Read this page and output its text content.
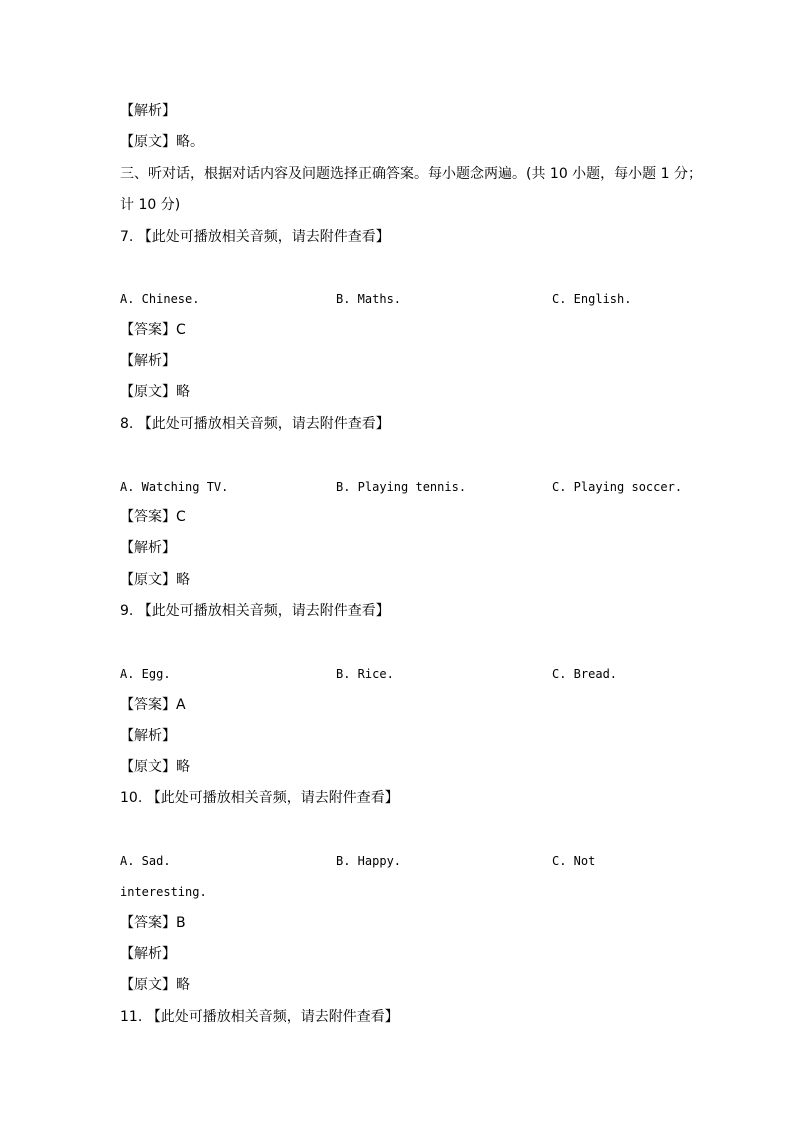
【解析】
【原文】略。
三、听对话，根据对话内容及问题选择正确答案。每小题念两遍。(共 10 小题，每小题 1 分；
计 10 分)
7. 【此处可播放相关音频，请去附件查看】
A. Chinese.	B. Maths.	C. English.
【答案】C
【解析】
【原文】略
8. 【此处可播放相关音频，请去附件查看】
A. Watching TV.	B. Playing tennis.	C. Playing soccer.
【答案】C
【解析】
【原文】略
9. 【此处可播放相关音频，请去附件查看】
A. Egg.	B. Rice.	C. Bread.
【答案】A
【解析】
【原文】略
10. 【此处可播放相关音频，请去附件查看】
A. Sad.	B. Happy.	C. Not
interesting.
【答案】B
【解析】
【原文】略
11. 【此处可播放相关音频，请去附件查看】
